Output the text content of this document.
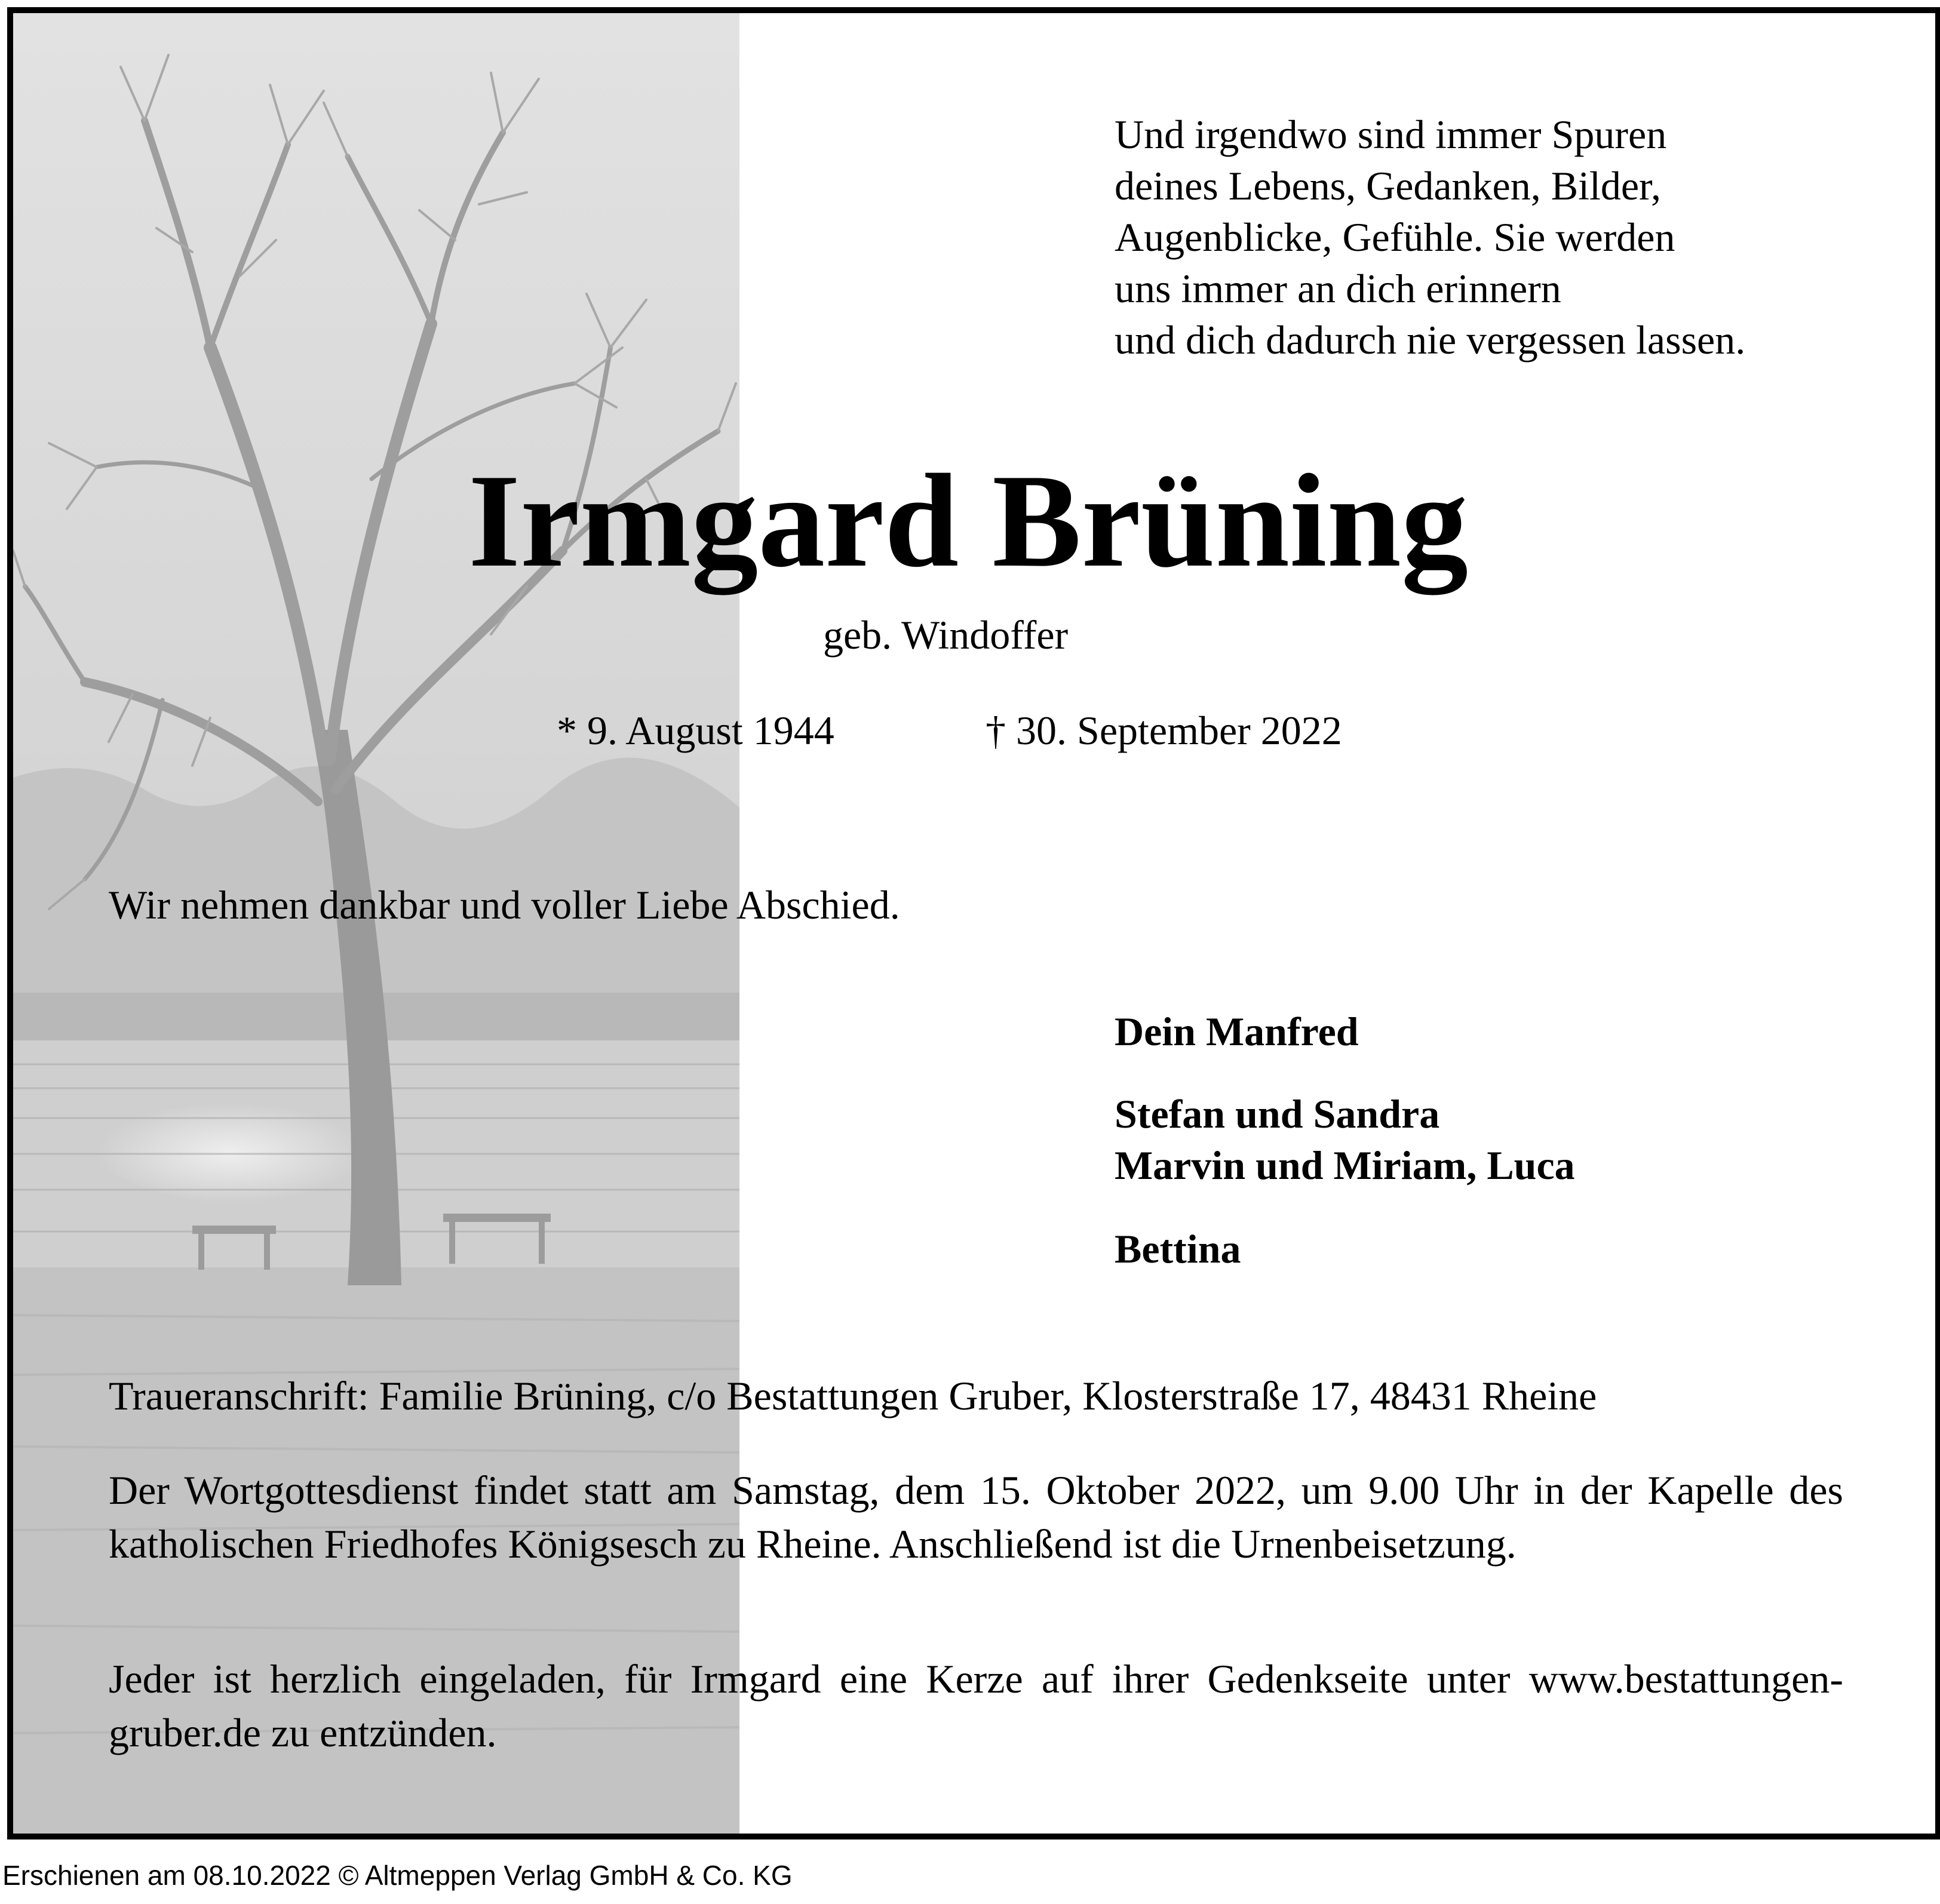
Und irgendwo sind immer Spuren
deines Lebens, Gedanken, Bilder,
Augenblicke, Gefühle. Sie werden
uns immer an dich erinnern
und dich dadurch nie vergessen lassen.
Irmgard Brüning
geb. Windoffer
* 9. August 1944	† 30. September 2022
Wir nehmen dankbar und voller Liebe Abschied.
Dein Manfred
Stefan und Sandra
Marvin und Miriam, Luca
Bettina
Traueranschrift: Familie Brüning, c/o Bestattungen Gruber, Klosterstraße 17, 48431 Rheine
Der Wortgottesdienst findet statt am Samstag, dem 15. Oktober 2022, um 9.00 Uhr in der Kapelle des katholischen Friedhofes Königsesch zu Rheine. Anschließend ist die Urnenbeisetzung.
Jeder ist herzlich eingeladen, für Irmgard eine Kerze auf ihrer Gedenkseite unter www.bestattungen-gruber.de zu entzünden.
Erschienen am 08.10.2022 © Altmeppen Verlag GmbH & Co. KG
